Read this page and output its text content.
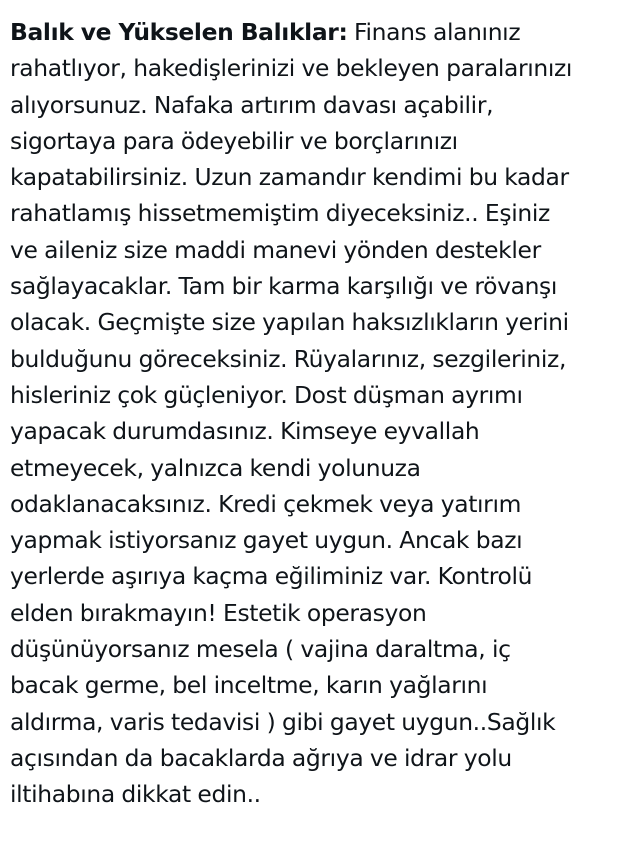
Balık ve Yükselen Balıklar: Finans alanınız
rahatlıyor, hakedişlerinizi ve bekleyen paralarınızı
alıyorsunuz. Nafaka artırım davası açabilir,
sigortaya para ödeyebilir ve borçlarınızı
kapatabilirsiniz. Uzun zamandır kendimi bu kadar
rahatlamış hissetmemiştim diyeceksiniz.. Eşiniz
ve aileniz size maddi manevi yönden destekler
sağlayacaklar. Tam bir karma karşılığı ve rövanşı
olacak. Geçmişte size yapılan haksızlıkların yerini
bulduğunu göreceksiniz. Rüyalarınız, sezgileriniz,
hisleriniz çok güçleniyor. Dost düşman ayrımı
yapacak durumdasınız. Kimseye eyvallah
etmeyecek, yalnızca kendi yolunuza
odaklanacaksınız. Kredi çekmek veya yatırım
yapmak istiyorsanız gayet uygun. Ancak bazı
yerlerde aşırıya kaçma eğiliminiz var. Kontrolü
elden bırakmayın! Estetik operasyon
düşünüyorsanız mesela ( vajina daraltma, iç
bacak germe, bel inceltme, karın yağlarını
aldırma, varis tedavisi ) gibi gayet uygun..Sağlık
açısından da bacaklarda ağrıya ve idrar yolu
iltihabına dikkat edin..
